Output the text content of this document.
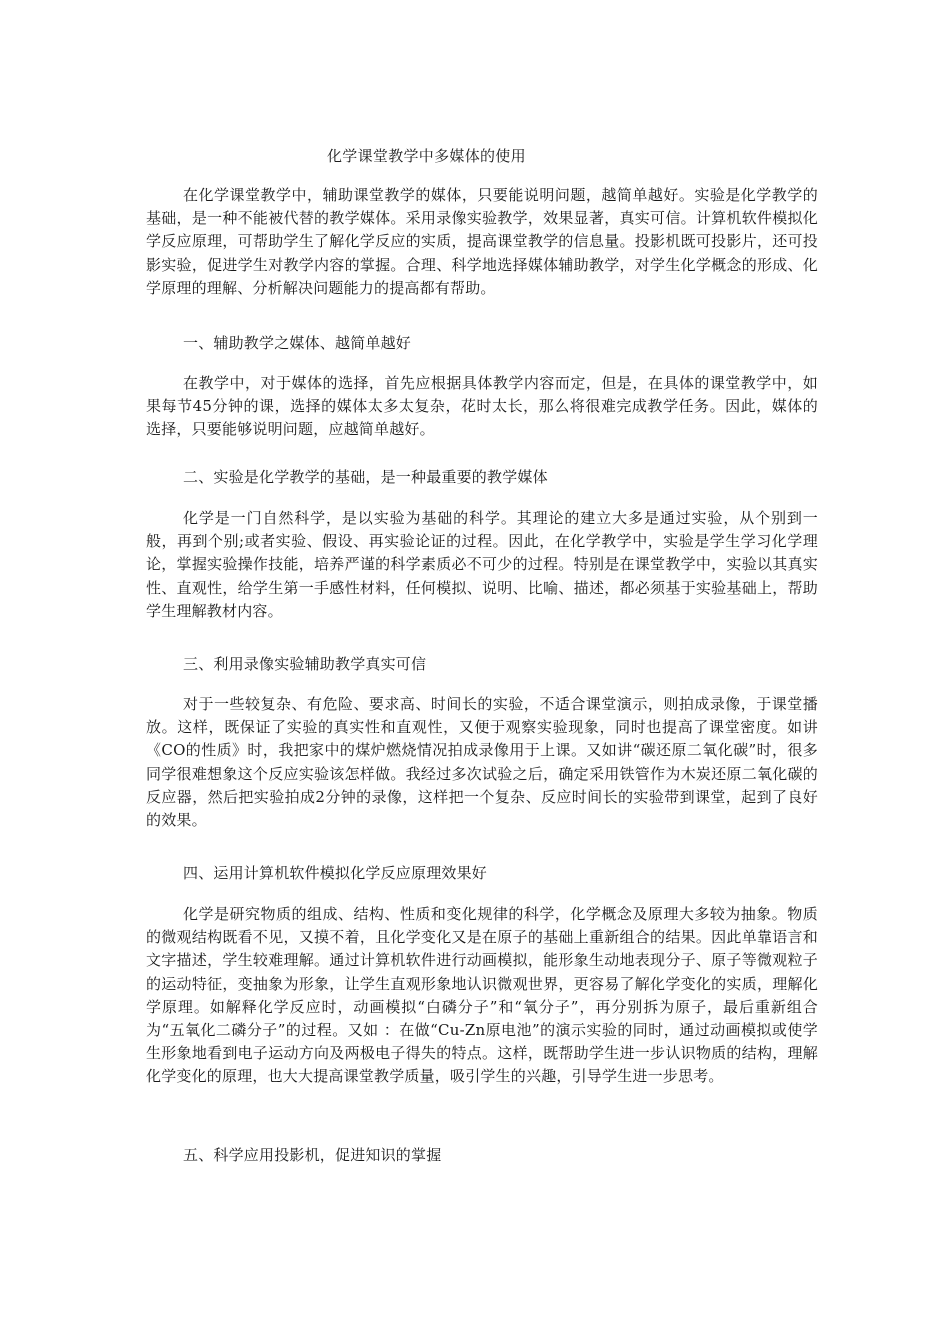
化学课堂教学中多媒体的使用
在化学课堂教学中，辅助课堂教学的媒体，只要能说明问题，越简单越好。实验是化学教学的基础，是一种不能被代替的教学媒体。采用录像实验教学，效果显著，真实可信。计算机软件模拟化学反应原理，可帮助学生了解化学反应的实质，提高课堂教学的信息量。投影机既可投影片，还可投影实验，促进学生对教学内容的掌握。合理、科学地选择媒体辅助教学，对学生化学概念的形成、化学原理的理解、分析解决问题能力的提高都有帮助。
一、辅助教学之媒体、越简单越好
在教学中，对于媒体的选择，首先应根据具体教学内容而定，但是，在具体的课堂教学中，如果每节45分钟的课，选择的媒体太多太复杂，花时太长，那么将很难完成教学任务。因此，媒体的选择，只要能够说明问题，应越简单越好。
二、实验是化学教学的基础，是一种最重要的教学媒体
化学是一门自然科学，是以实验为基础的科学。其理论的建立大多是通过实验，从个别到一般，再到个别;或者实验、假设、再实验论证的过程。因此，在化学教学中，实验是学生学习化学理论，掌握实验操作技能，培养严谨的科学素质必不可少的过程。特别是在课堂教学中，实验以其真实性、直观性，给学生第一手感性材料，任何模拟、说明、比喻、描述，都必须基于实验基础上，帮助学生理解教材内容。
三、利用录像实验辅助教学真实可信
对于一些较复杂、有危险、要求高、时间长的实验，不适合课堂演示，则拍成录像，于课堂播放。这样，既保证了实验的真实性和直观性，又便于观察实验现象，同时也提高了课堂密度。如讲《CO的性质》时，我把家中的煤炉燃烧情况拍成录像用于上课。又如讲“碳还原二氧化碳”时，很多同学很难想象这个反应实验该怎样做。我经过多次试验之后，确定采用铁管作为木炭还原二氧化碳的反应器，然后把实验拍成2分钟的录像，这样把一个复杂、反应时间长的实验带到课堂，起到了良好的效果。
四、运用计算机软件模拟化学反应原理效果好
化学是研究物质的组成、结构、性质和变化规律的科学，化学概念及原理大多较为抽象。物质的微观结构既看不见，又摸不着，且化学变化又是在原子的基础上重新组合的结果。因此单靠语言和文字描述，学生较难理解。通过计算机软件进行动画模拟，能形象生动地表现分子、原子等微观粒子的运动特征，变抽象为形象，让学生直观形象地认识微观世界，更容易了解化学变化的实质，理解化学原理。如解释化学反应时，动画模拟“白磷分子”和“氧分子”，再分别拆为原子，最后重新组合为“五氧化二磷分子”的过程。又如 ：在做“Cu-Zn原电池”的演示实验的同时，通过动画模拟或使学生形象地看到电子运动方向及两极电子得失的特点。这样，既帮助学生进一步认识物质的结构，理解化学变化的原理，也大大提高课堂教学质量，吸引学生的兴趣，引导学生进一步思考。
五、科学应用投影机，促进知识的掌握
